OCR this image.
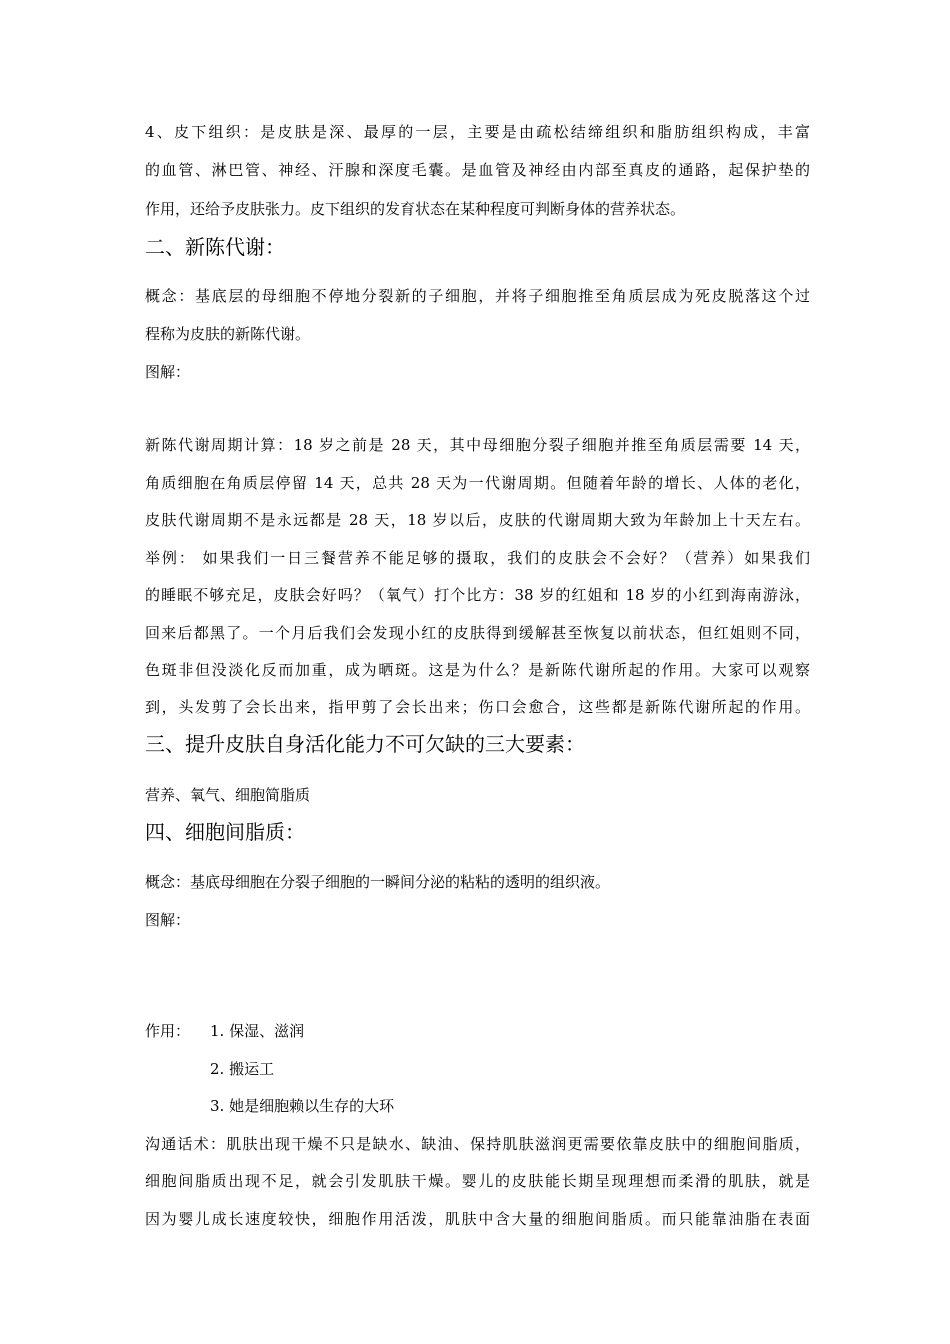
4、皮下组织：是皮肤是深、最厚的一层，主要是由疏松结缔组织和脂肪组织构成，丰富
的血管、淋巴管、神经、汗腺和深度毛囊。是血管及神经由内部至真皮的通路，起保护垫的
作用，还给予皮肤张力。皮下组织的发育状态在某种程度可判断身体的营养状态。
二、新陈代谢：
概念：基底层的母细胞不停地分裂新的子细胞，并将子细胞推至角质层成为死皮脱落这个过
程称为皮肤的新陈代谢。
图解：
新陈代谢周期计算：18 岁之前是 28 天，其中母细胞分裂子细胞并推至角质层需要 14 天，
角质细胞在角质层停留 14 天，总共 28 天为一代谢周期。但随着年龄的增长、人体的老化，
皮肤代谢周期不是永远都是 28 天，18 岁以后，皮肤的代谢周期大致为年龄加上十天左右。
举例： 如果我们一日三餐营养不能足够的摄取，我们的皮肤会不会好？（营养）如果我们
的睡眠不够充足，皮肤会好吗？（氧气）打个比方：38 岁的红姐和 18 岁的小红到海南游泳，
回来后都黑了。一个月后我们会发现小红的皮肤得到缓解甚至恢复以前状态，但红姐则不同，
色斑非但没淡化反而加重，成为晒斑。这是为什么？是新陈代谢所起的作用。大家可以观察
到，头发剪了会长出来，指甲剪了会长出来；伤口会愈合，这些都是新陈代谢所起的作用。
三、提升皮肤自身活化能力不可欠缺的三大要素：
营养、氧气、细胞简脂质
四、细胞间脂质：
概念：基底母细胞在分裂子细胞的一瞬间分泌的粘粘的透明的组织液。
图解：
作用： 1. 保湿、滋润
2. 搬运工
3. 她是细胞赖以生存的大环
沟通话术：肌肤出现干燥不只是缺水、缺油、保持肌肤滋润更需要依靠皮肤中的细胞间脂质，
细胞间脂质出现不足，就会引发肌肤干燥。婴儿的皮肤能长期呈现理想而柔滑的肌肤，就是
因为婴儿成长速度较快，细胞作用活泼，肌肤中含大量的细胞间脂质。而只能靠油脂在表面
